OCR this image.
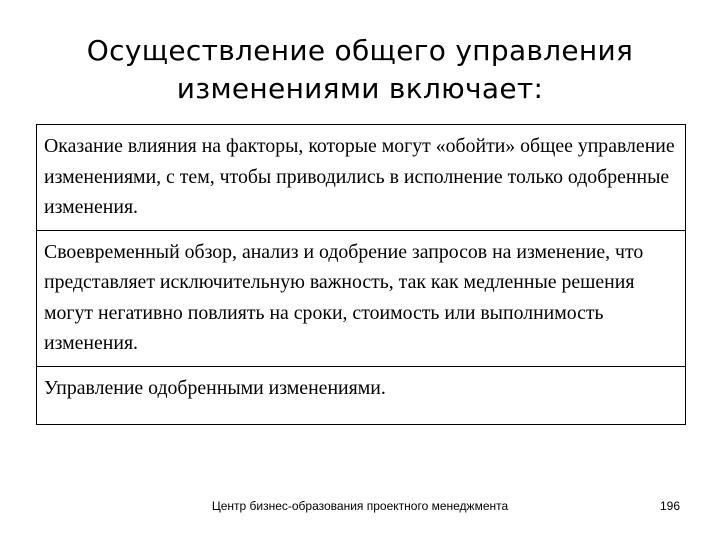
Осуществление общего управления изменениями включает:
Оказание влияния на факторы, которые могут «обойти» общее управление изменениями, с тем, чтобы приводились в исполнение только одобренные изменения.
Своевременный обзор, анализ и одобрение запросов на изменение, что представляет исключительную важность, так как медленные решения могут негативно повлиять на сроки, стоимость или выполнимость изменения.
Управление одобренными изменениями.
Центр бизнес-образования проектного менеджмента	196
